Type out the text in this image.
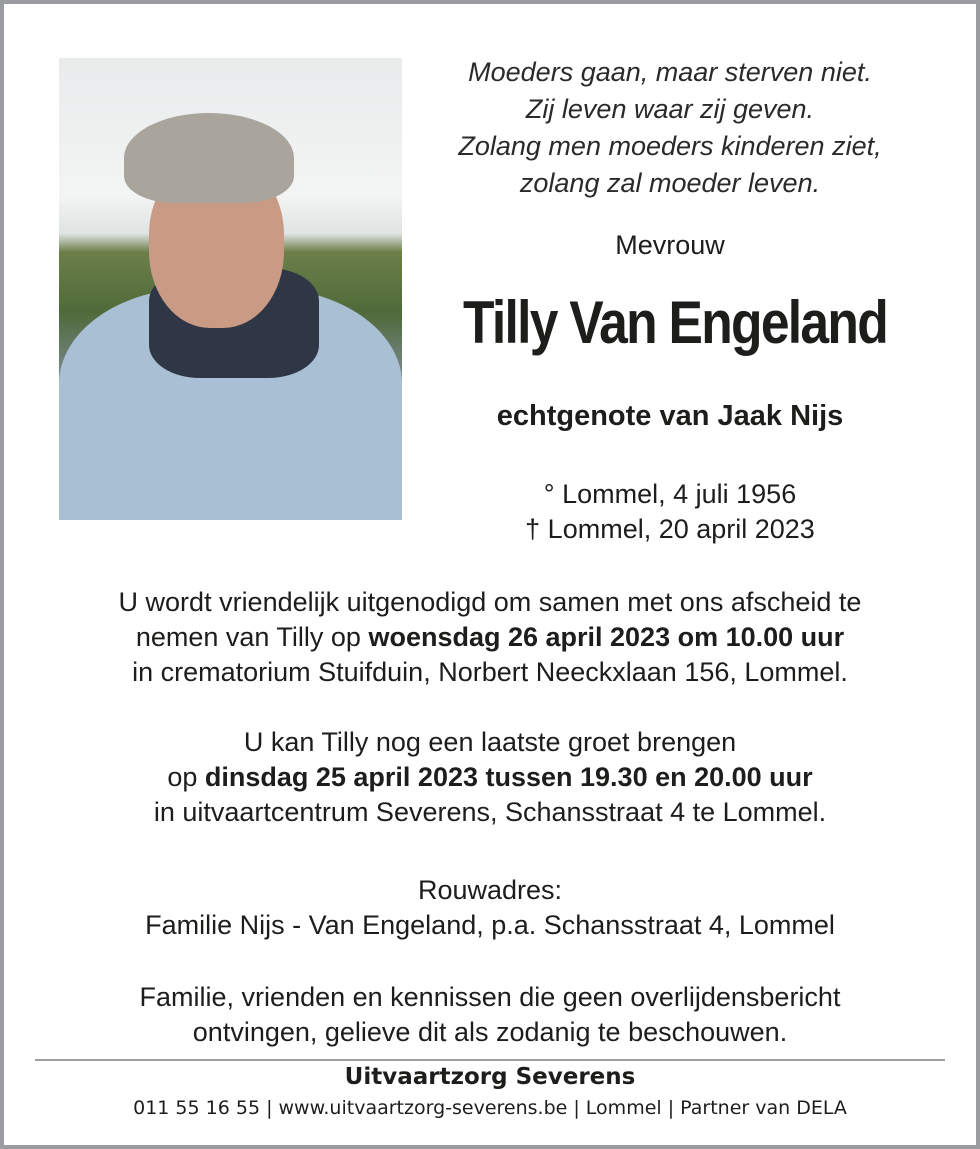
Moeders gaan, maar sterven niet.
Zij leven waar zij geven.
Zolang men moeders kinderen ziet,
zolang zal moeder leven.
Mevrouw
Tilly Van Engeland
echtgenote van Jaak Nijs
° Lommel, 4 juli 1956
† Lommel, 20 april 2023
U wordt vriendelijk uitgenodigd om samen met ons afscheid te
nemen van Tilly op woensdag 26 april 2023 om 10.00 uur
in crematorium Stuifduin, Norbert Neeckxlaan 156, Lommel.
U kan Tilly nog een laatste groet brengen
op dinsdag 25 april 2023 tussen 19.30 en 20.00 uur
in uitvaartcentrum Severens, Schansstraat 4 te Lommel.
Rouwadres:
Familie Nijs - Van Engeland, p.a. Schansstraat 4, Lommel
Familie, vrienden en kennissen die geen overlijdensbericht
ontvingen, gelieve dit als zodanig te beschouwen.
Uitvaartzorg Severens
011 55 16 55 | www.uitvaartzorg-severens.be | Lommel | Partner van DELA
